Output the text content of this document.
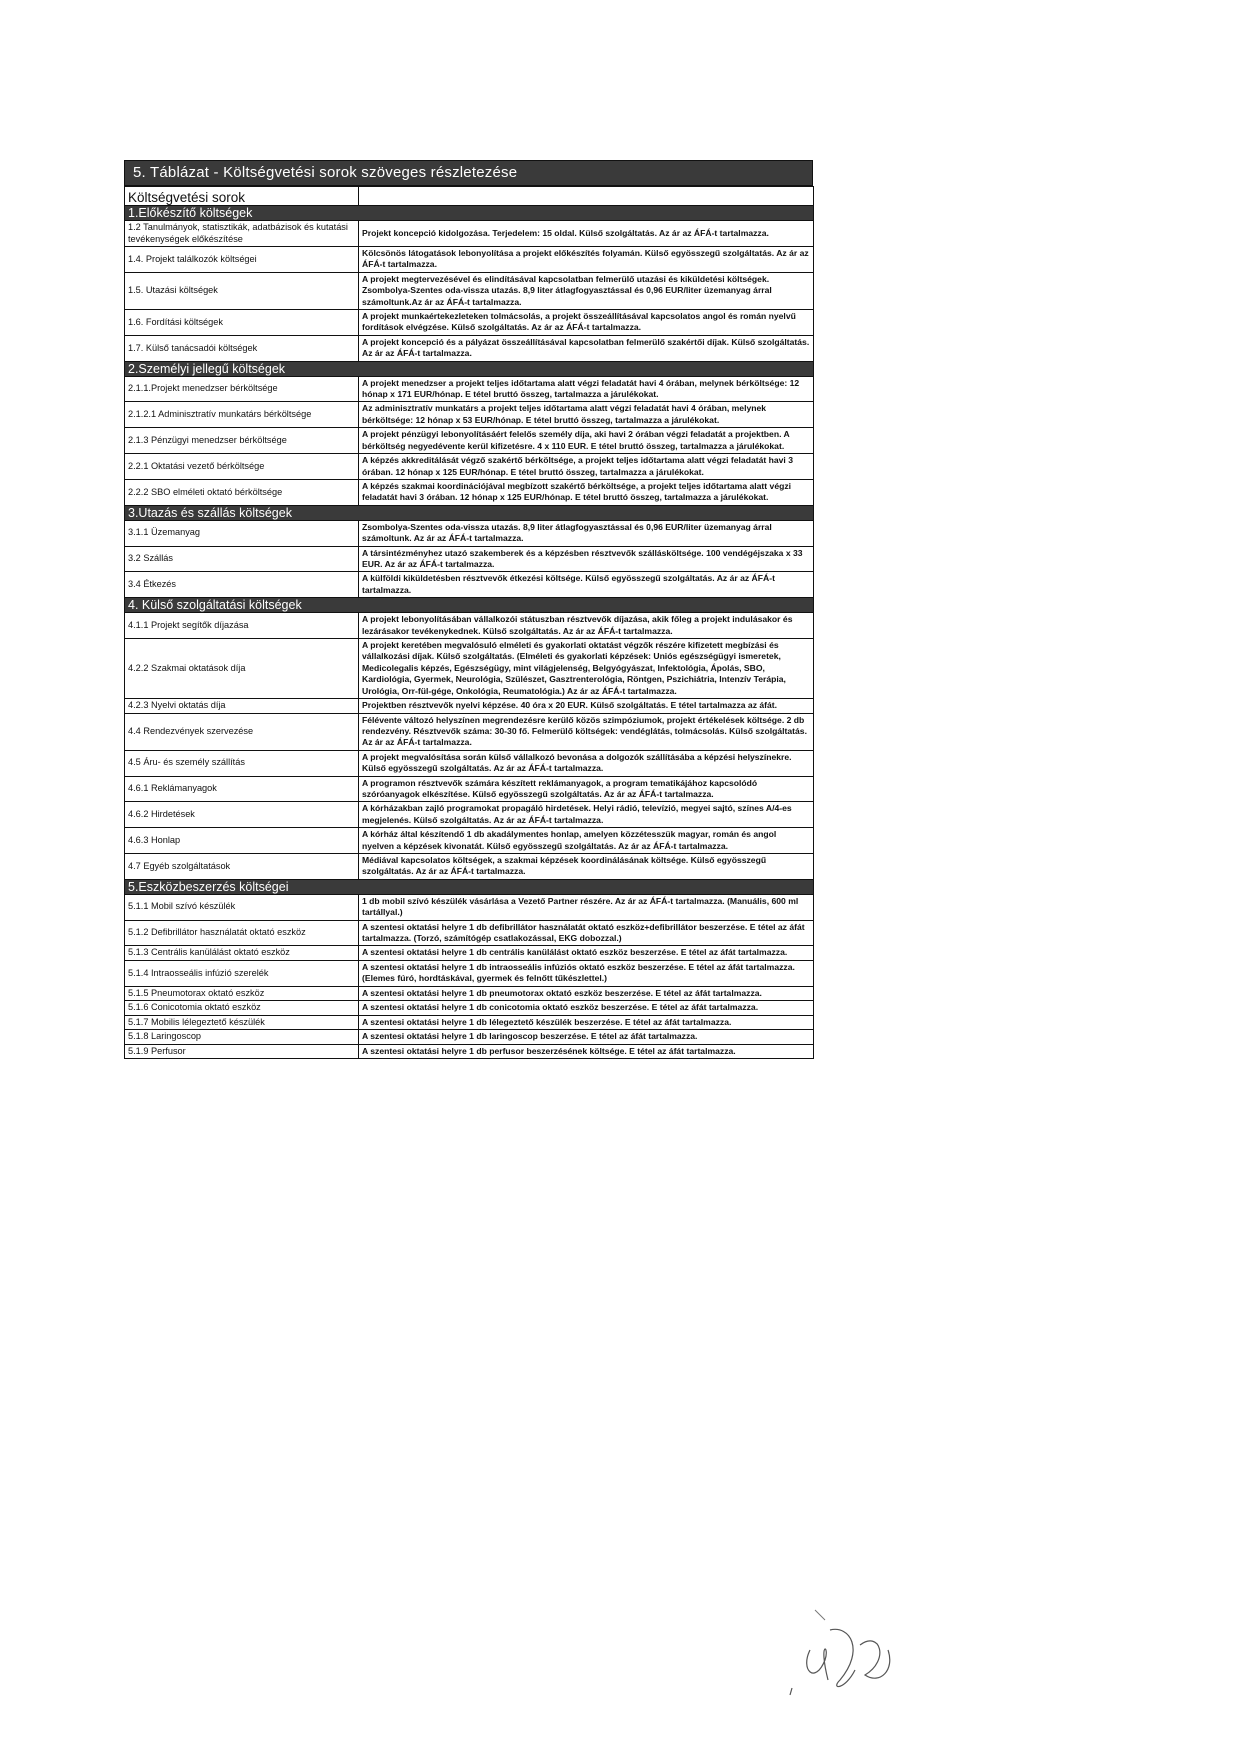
5. Táblázat - Költségvetési sorok szöveges részletezése
Költségvetési sorok	
1.Előkészítő költségek	
1.2 Tanulmányok, statisztikák, adatbázisok és kutatási tevékenységek előkészítése	Projekt koncepció kidolgozása. Terjedelem: 15 oldal. Külső szolgáltatás. Az ár az ÁFÁ-t tartalmazza.
1.4. Projekt találkozók költségei	Kölcsönös látogatások lebonyolítása a projekt előkészítés folyamán. Külső egyösszegű szolgáltatás. Az ár az ÁFÁ-t tartalmazza.
1.5. Utazási költségek	A projekt megtervezésével és elindításával kapcsolatban felmerülő utazási és kiküldetési költségek. Zsombolya-Szentes oda-vissza utazás. 8,9 liter átlagfogyasztással és 0,96 EUR/liter üzemanyag árral számoltunk.Az ár az ÁFÁ-t tartalmazza.
1.6. Fordítási költségek	A projekt munkaértekezleteken tolmácsolás, a projekt összeállításával kapcsolatos angol és román nyelvű fordítások elvégzése. Külső szolgáltatás. Az ár az ÁFÁ-t tartalmazza.
1.7. Külső tanácsadói költségek	A projekt koncepció és a pályázat összeállításával kapcsolatban felmerülő szakértői díjak. Külső szolgáltatás. Az ár az ÁFÁ-t tartalmazza.
2.Személyi jellegű költségek	
2.1.1.Projekt menedzser bérköltsége	A projekt menedzser a projekt teljes időtartama alatt végzi feladatát havi 4 órában, melynek bérköltsége: 12 hónap x 171 EUR/hónap. E tétel bruttó összeg, tartalmazza a járulékokat.
2.1.2.1 Adminisztratív munkatárs bérköltsége	Az adminisztratív munkatárs a projekt teljes időtartama alatt végzi feladatát havi 4 órában, melynek bérköltsége: 12 hónap x 53 EUR/hónap. E tétel bruttó összeg, tartalmazza a járulékokat.
2.1.3 Pénzügyi menedzser bérköltsége	A projekt pénzügyi lebonyolításáért felelős személy díja, aki havi 2 órában végzi feladatát a projektben. A bérköltség negyedévente kerül kifizetésre. 4 x 110 EUR. E tétel bruttó összeg, tartalmazza a járulékokat.
2.2.1 Oktatási vezető bérköltsége	A képzés akkreditálását végző szakértő bérköltsége, a projekt teljes időtartama alatt végzi feladatát havi 3 órában. 12 hónap x 125 EUR/hónap. E tétel bruttó összeg, tartalmazza a járulékokat.
2.2.2 SBO elméleti oktató bérköltsége	A képzés szakmai koordinációjával megbízott szakértő bérköltsége, a projekt teljes időtartama alatt végzi feladatát havi 3 órában. 12 hónap x 125 EUR/hónap. E tétel bruttó összeg, tartalmazza a járulékokat.
3.Utazás és szállás költségek	
3.1.1 Üzemanyag	Zsombolya-Szentes oda-vissza utazás. 8,9 liter átlagfogyasztással és 0,96 EUR/liter üzemanyag árral számoltunk. Az ár az ÁFÁ-t tartalmazza.
3.2 Szállás	A társintézményhez utazó szakemberek és a képzésben résztvevők szállásköltsége. 100 vendégéjszaka x 33 EUR. Az ár az ÁFÁ-t tartalmazza.
3.4 Étkezés	A külföldi kiküldetésben résztvevők étkezési költsége. Külső egyösszegű szolgáltatás. Az ár az ÁFÁ-t tartalmazza.
4. Külső szolgáltatási költségek	
4.1.1 Projekt segítők díjazása	A projekt lebonyolításában vállalkozói státuszban résztvevők díjazása, akik főleg a projekt indulásakor és lezárásakor tevékenykednek. Külső szolgáltatás. Az ár az ÁFÁ-t tartalmazza.
4.2.2 Szakmai oktatások díja	A projekt keretében megvalósuló elméleti és gyakorlati oktatást végzők részére kifizetett megbízási és vállalkozási díjak. Külső szolgáltatás. (Elméleti és gyakorlati képzések: Uniós egészségügyi ismeretek, Medicolegalis képzés, Egészségügy, mint világjelenség, Belgyógyászat, Infektológia, Ápolás, SBO, Kardiológia, Gyermek, Neurológia, Szülészet, Gasztrenterológia, Röntgen, Pszichiátria, Intenzív Terápia, Urológia, Orr-fül-gége, Onkológia, Reumatológia.) Az ár az ÁFÁ-t tartalmazza.
4.2.3 Nyelvi oktatás díja	Projektben résztvevők nyelvi képzése. 40 óra x 20 EUR. Külső szolgáltatás. E tétel tartalmazza az áfát.
4.4 Rendezvények szervezése	Félévente változó helyszínen megrendezésre kerülő közös szimpóziumok, projekt értékelések költsége. 2 db rendezvény. Résztvevők száma: 30-30 fő. Felmerülő költségek: vendéglátás, tolmácsolás. Külső szolgáltatás. Az ár az ÁFÁ-t tartalmazza.
4.5 Áru- és személy szállítás	A projekt megvalósítása során külső vállalkozó bevonása a dolgozók szállításába a képzési helyszínekre. Külső egyösszegű szolgáltatás. Az ár az ÁFÁ-t tartalmazza.
4.6.1 Reklámanyagok	A programon résztvevők számára készített reklámanyagok, a program tematikájához kapcsolódó szóróanyagok elkészítése. Külső egyösszegű szolgáltatás. Az ár az ÁFÁ-t tartalmazza.
4.6.2 Hirdetések	A kórházakban zajló programokat propagáló hirdetések. Helyi rádió, televízió, megyei sajtó, színes A/4-es megjelenés. Külső szolgáltatás. Az ár az ÁFÁ-t tartalmazza.
4.6.3 Honlap	A kórház által készítendő 1 db akadálymentes honlap, amelyen közzétesszük magyar, román és angol nyelven a képzések kivonatát. Külső egyösszegű szolgáltatás. Az ár az ÁFÁ-t tartalmazza.
4.7 Egyéb szolgáltatások	Médiával kapcsolatos költségek, a szakmai képzések koordinálásának költsége. Külső egyösszegű szolgáltatás. Az ár az ÁFÁ-t tartalmazza.
5.Eszközbeszerzés költségei	
5.1.1 Mobil szívó készülék	1 db mobil szívó készülék vásárlása a Vezető Partner részére. Az ár az ÁFÁ-t tartalmazza. (Manuális, 600 ml tartállyal.)
5.1.2 Defibrillátor használatát oktató eszköz	A szentesi oktatási helyre 1 db defibrillátor használatát oktató eszköz+defibrillátor beszerzése. E tétel az áfát tartalmazza. (Torzó, számítógép csatlakozással, EKG dobozzal.)
5.1.3 Centrális kanülálást oktató eszköz	A szentesi oktatási helyre 1 db centrális kanülálást oktató eszköz beszerzése. E tétel az áfát tartalmazza.
5.1.4 Intraosseális infúzió szerelék	A szentesi oktatási helyre 1 db intraosseális infúziós oktató eszköz beszerzése. E tétel az áfát tartalmazza. (Elemes fúró, hordtáskával, gyermek és felnőtt tűkészlettel.)
5.1.5 Pneumotorax oktató eszköz	A szentesi oktatási helyre 1 db pneumotorax oktató eszköz beszerzése. E tétel az áfát tartalmazza.
5.1.6 Conicotomia oktató eszköz	A szentesi oktatási helyre 1 db conicotomia oktató eszköz beszerzése. E tétel az áfát tartalmazza.
5.1.7 Mobilis lélegeztető készülék	A szentesi oktatási helyre 1 db lélegeztető készülék beszerzése. E tétel az áfát tartalmazza.
5.1.8 Laringoscop	A szentesi oktatási helyre 1 db laringoscop beszerzése. E tétel az áfát tartalmazza.
5.1.9 Perfusor	A szentesi oktatási helyre 1 db perfusor beszerzésének költsége. E tétel az áfát tartalmazza.
